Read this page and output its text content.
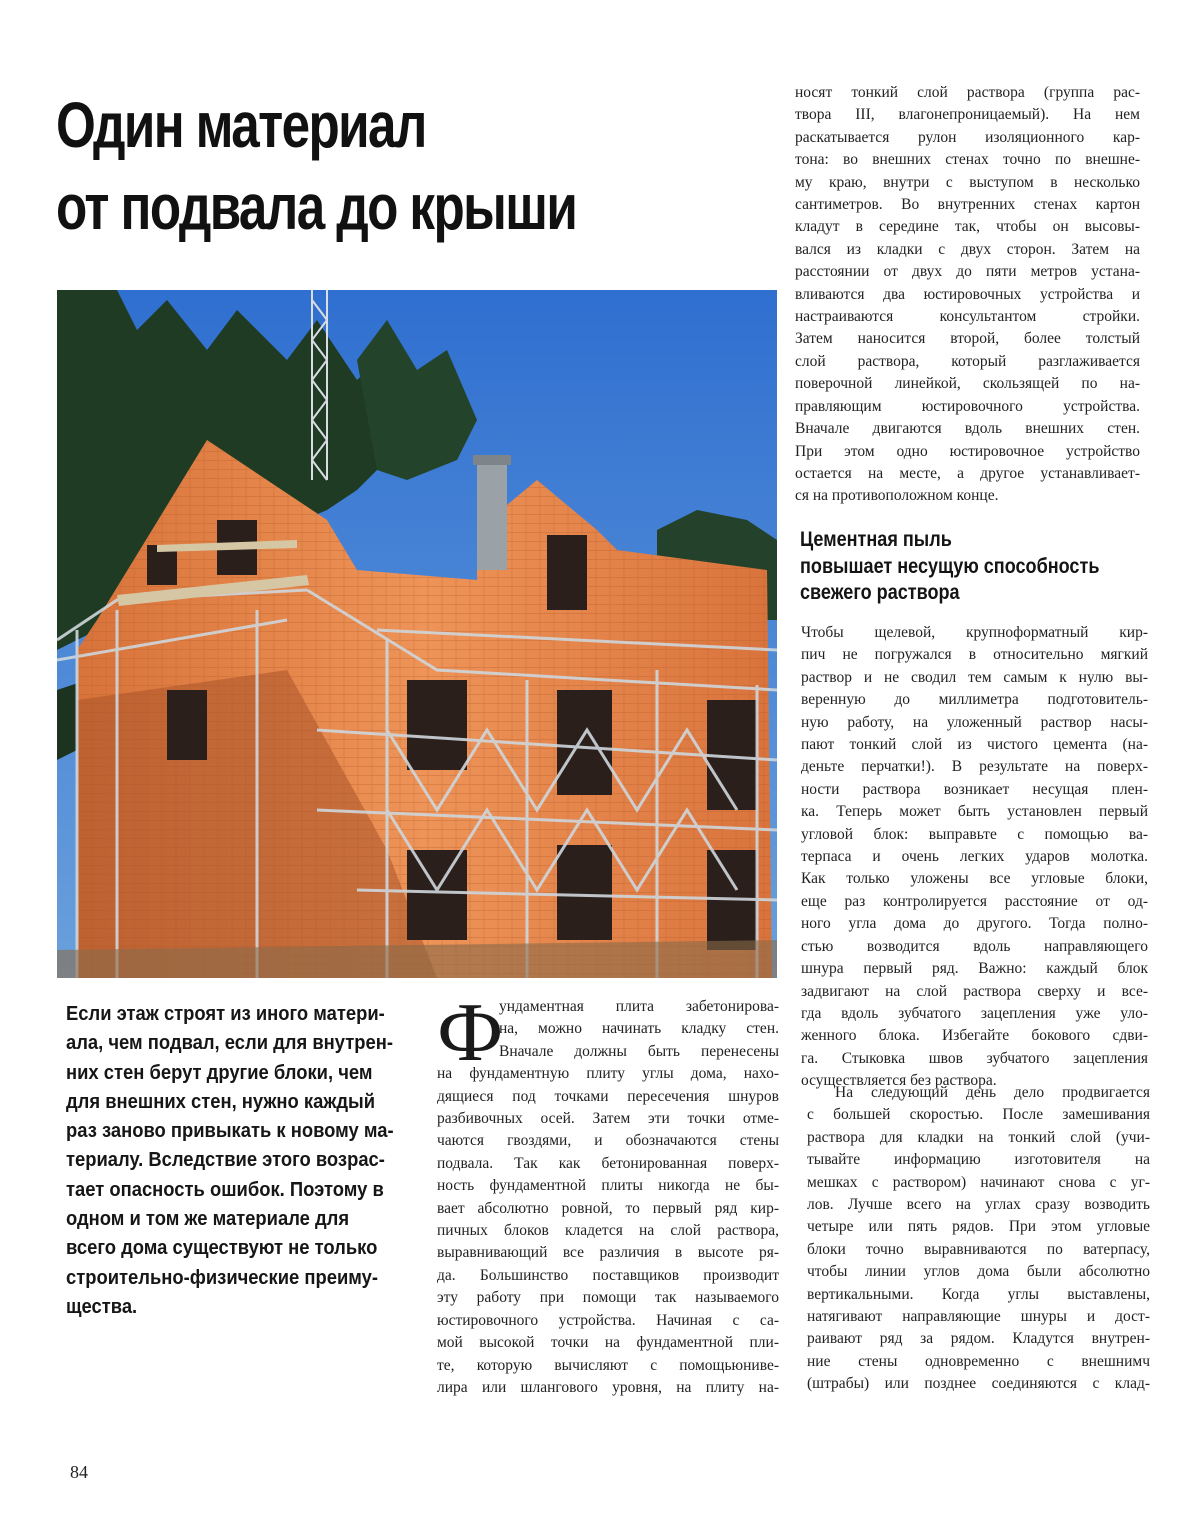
Один материал
от подвала до крыши

Если этаж строят из иного матери-
ала, чем подвал, если для внутрен-
них стен берут другие блоки, чем
для внешних стен, нужно каждый
раз заново привыкать к новому ма-
териалу. Вследствие этого возрас-
тает опасность ошибок. Поэтому в
одном и том же материале для
всего дома существуют не только
строительно-физические преиму-
щества.

Ф
ундаментная плита забетонирова-
на, можно начинать кладку стен.
Вначале должны быть перенесены
на фундаментную плиту углы дома, нахо-
дящиеся под точками пересечения шнуров
разбивочных осей. Затем эти точки отме-
чаются гвоздями, и обозначаются стены
подвала. Так как бетонированная поверх-
ность фундаментной плиты никогда не бы-
вает абсолютно ровной, то первый ряд кир-
пичных блоков кладется на слой раствора,
выравнивающий все различия в высоте ря-
да. Большинство поставщиков производит
эту работу при помощи так называемого
юстировочного устройства. Начиная с са-
мой высокой точки на фундаментной пли-
те, которую вычисляют с помощьюниве-
лира или шлангового уровня, на плиту на-
носят тонкий слой раствора (группа рас-
твора III, влагонепроницаемый). На нем
раскатывается рулон изоляционного кар-
тона: во внешних стенах точно по внешне-
му краю, внутри с выступом в несколько
сантиметров. Во внутренних стенах картон
кладут в середине так, чтобы он высовы-
вался из кладки с двух сторон. Затем на
расстоянии от двух до пяти метров устана-
вливаются два юстировочных устройства и
настраиваются консультантом стройки.
Затем наносится второй, более толстый
слой раствора, который разглаживается
поверочной линейкой, скользящей по на-
правляющим юстировочного устройства.
Вначале двигаются вдоль внешних стен.
При этом одно юстировочное устройство
остается на месте, а другое устанавливает-
ся на противоположном конце.
Цементная пыль
повышает несущую способность
свежего раствора
Чтобы щелевой, крупноформатный кир-
пич не погружался в относительно мягкий
раствор и не сводил тем самым к нулю вы-
веренную до миллиметра подготовитель-
ную работу, на уложенный раствор насы-
пают тонкий слой из чистого цемента (на-
деньте перчатки!). В результате на поверх-
ности раствора возникает несущая плен-
ка. Теперь может быть установлен первый
угловой блок: выправьте с помощью ва-
терпаса и очень легких ударов молотка.
Как только уложены все угловые блоки,
еще раз контролируется расстояние от од-
ного угла дома до другого. Тогда полно-
стью возводится вдоль направляющего
шнура первый ряд. Важно: каждый блок
задвигают на слой раствора сверху и все-
гда вдоль зубчатого зацепления уже уло-
женного блока. Избегайте бокового сдви-
га. Стыковка швов зубчатого зацепления
осуществляется без раствора.
На следующий день дело продвигается
с большей скоростью. После замешивания
раствора для кладки на тонкий слой (учи-
тывайте информацию изготовителя на
мешках с раствором) начинают снова с уг-
лов. Лучше всего на углах сразу возводить
четыре или пять рядов. При этом угловые
блоки точно выравниваются по ватерпасу,
чтобы линии углов дома были абсолютно
вертикальными. Когда углы выставлены,
натягивают направляющие шнуры и дост-
раивают ряд за рядом. Кладутся внутрен-
ние стены одновременно с внешнимч
(штрабы) или позднее соединяются с клад-
84
